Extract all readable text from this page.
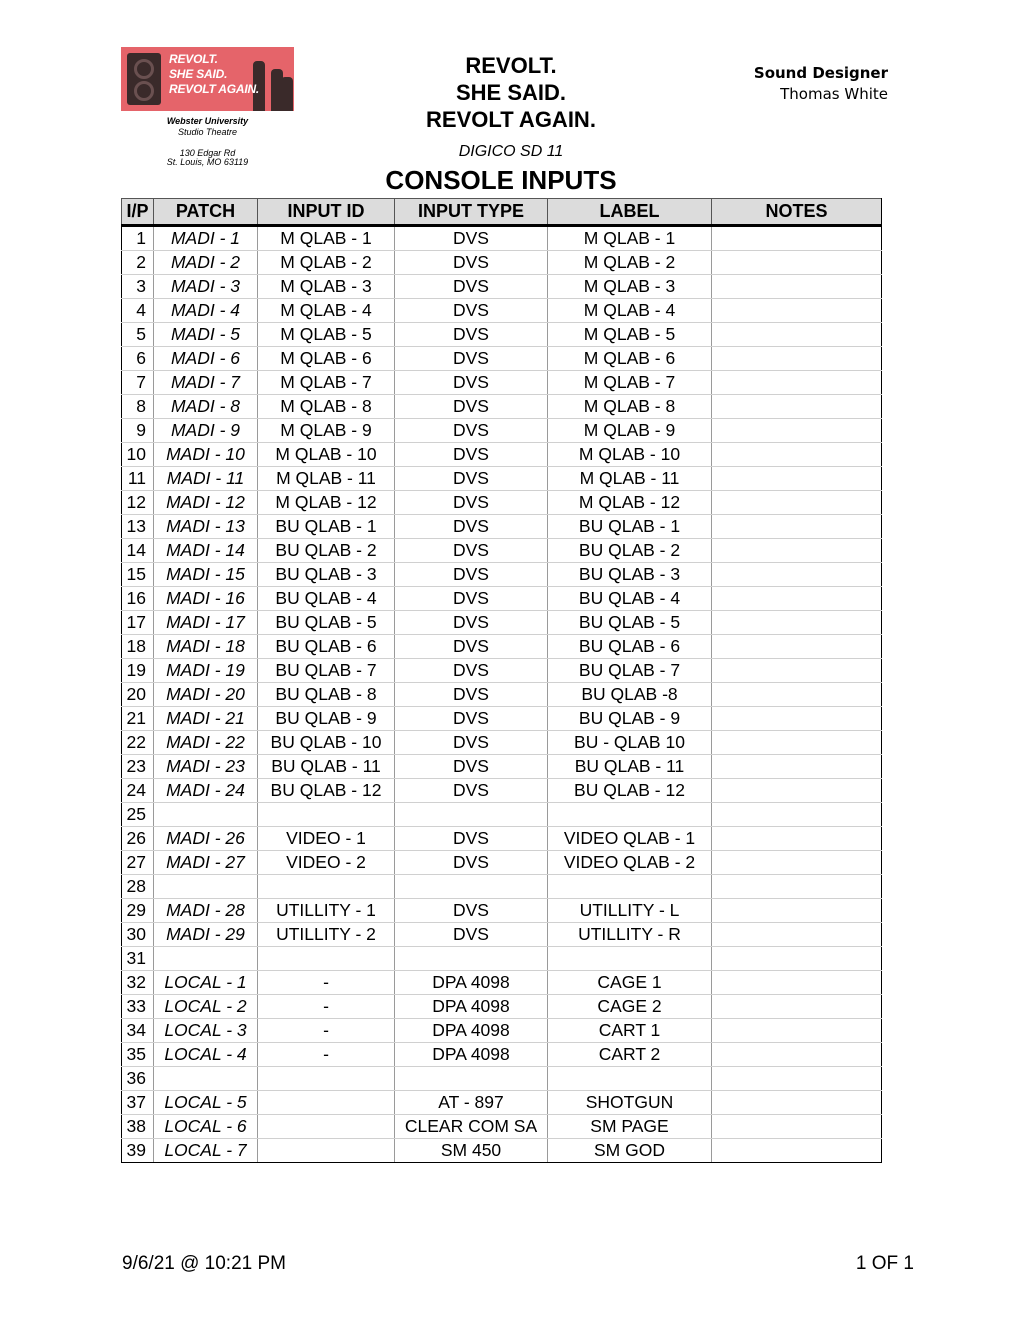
REVOLT.
SHE SAID.
REVOLT AGAIN.
Webster University
Studio Theatre
130 Edgar Rd
St. Louis, MO 63119
REVOLT.
SHE SAID.
REVOLT AGAIN.
DIGICO SD 11
CONSOLE INPUTS
Sound Designer
Thomas White
I/P	PATCH	INPUT ID	INPUT TYPE	LABEL	NOTES
1	MADI - 1	M QLAB - 1	DVS	M QLAB - 1	
2	MADI - 2	M QLAB - 2	DVS	M QLAB - 2	
3	MADI - 3	M QLAB - 3	DVS	M QLAB - 3	
4	MADI - 4	M QLAB - 4	DVS	M QLAB - 4	
5	MADI - 5	M QLAB - 5	DVS	M QLAB - 5	
6	MADI - 6	M QLAB - 6	DVS	M QLAB - 6	
7	MADI - 7	M QLAB - 7	DVS	M QLAB - 7	
8	MADI - 8	M QLAB - 8	DVS	M QLAB - 8	
9	MADI - 9	M QLAB - 9	DVS	M QLAB - 9	
10	MADI - 10	M QLAB - 10	DVS	M QLAB - 10	
11	MADI - 11	M QLAB - 11	DVS	M QLAB - 11	
12	MADI - 12	M QLAB - 12	DVS	M QLAB - 12	
13	MADI - 13	BU QLAB - 1	DVS	BU QLAB - 1	
14	MADI - 14	BU QLAB - 2	DVS	BU QLAB - 2	
15	MADI - 15	BU QLAB - 3	DVS	BU QLAB - 3	
16	MADI - 16	BU QLAB - 4	DVS	BU QLAB - 4	
17	MADI - 17	BU QLAB - 5	DVS	BU QLAB - 5	
18	MADI - 18	BU QLAB - 6	DVS	BU QLAB - 6	
19	MADI - 19	BU QLAB - 7	DVS	BU QLAB - 7	
20	MADI - 20	BU QLAB - 8	DVS	BU QLAB -8	
21	MADI - 21	BU QLAB - 9	DVS	BU QLAB - 9	
22	MADI - 22	BU QLAB - 10	DVS	BU - QLAB 10	
23	MADI - 23	BU QLAB - 11	DVS	BU QLAB - 11	
24	MADI - 24	BU QLAB - 12	DVS	BU QLAB - 12	
25					
26	MADI - 26	VIDEO - 1	DVS	VIDEO QLAB - 1	
27	MADI - 27	VIDEO - 2	DVS	VIDEO QLAB - 2	
28					
29	MADI - 28	UTILLITY - 1	DVS	UTILLITY - L	
30	MADI - 29	UTILLITY - 2	DVS	UTILLITY - R	
31					
32	LOCAL - 1	-	DPA 4098	CAGE 1	
33	LOCAL - 2	-	DPA 4098	CAGE 2	
34	LOCAL - 3	-	DPA 4098	CART 1	
35	LOCAL - 4	-	DPA 4098	CART 2	
36					
37	LOCAL - 5		AT - 897	SHOTGUN	
38	LOCAL - 6		CLEAR COM SA	SM PAGE	
39	LOCAL - 7		SM 450	SM GOD	
9/6/21 @ 10:21 PM	1 OF 1
